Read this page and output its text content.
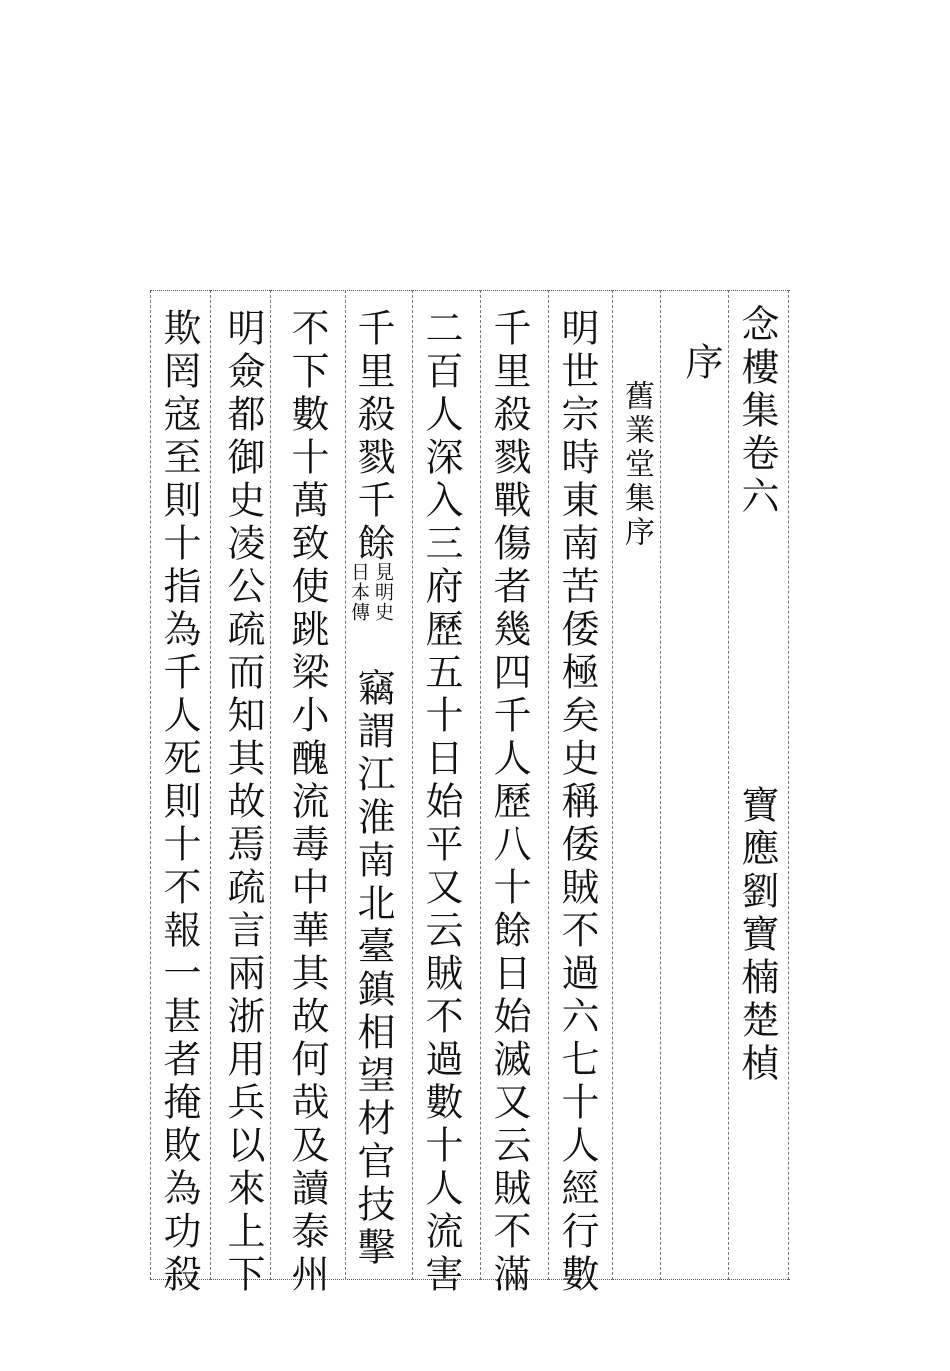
念樓集卷六
寶應劉寶楠楚楨
序
舊業堂集序
明世宗時東南苦倭極矣史稱倭賊不過六七十人經行數
千里殺戮戰傷者幾四千人歷八十餘日始滅又云賊不滿
二百人深入三府歷五十日始平又云賊不過數十人流害
千里殺戮千餘
見明史
日本傳
竊謂江淮南北臺鎮相望材官技擊
不下數十萬致使跳梁小醜流毒中華其故何哉及讀泰州
明僉都御史凌公疏而知其故焉疏言兩浙用兵以來上下
欺罔寇至則十指為千人死則十不報一甚者掩敗為功殺
